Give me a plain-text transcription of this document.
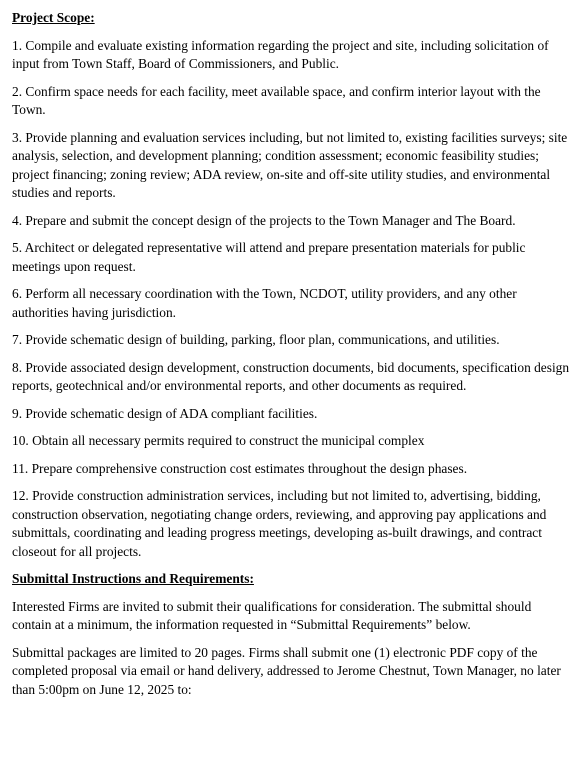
Project Scope:
1. Compile and evaluate existing information regarding the project and site, including solicitation of input from Town Staff, Board of Commissioners, and Public.
2. Confirm space needs for each facility, meet available space, and confirm interior layout with the Town.
3. Provide planning and evaluation services including, but not limited to, existing facilities surveys; site analysis, selection, and development planning; condition assessment; economic feasibility studies; project financing; zoning review; ADA review, on-site and off-site utility studies, and environmental studies and reports.
4. Prepare and submit the concept design of the projects to the Town Manager and The Board.
5. Architect or delegated representative will attend and prepare presentation materials for public meetings upon request.
6. Perform all necessary coordination with the Town, NCDOT, utility providers, and any other authorities having jurisdiction.
7. Provide schematic design of building, parking, floor plan, communications, and utilities.
8. Provide associated design development, construction documents, bid documents, specification design reports, geotechnical and/or environmental reports, and other documents as required.
9. Provide schematic design of ADA compliant facilities.
10. Obtain all necessary permits required to construct the municipal complex
11. Prepare comprehensive construction cost estimates throughout the design phases.
12. Provide construction administration services, including but not limited to, advertising, bidding, construction observation, negotiating change orders, reviewing, and approving pay applications and submittals, coordinating and leading progress meetings, developing as-built drawings, and contract closeout for all projects.
Submittal Instructions and Requirements:
Interested Firms are invited to submit their qualifications for consideration. The submittal should contain at a minimum, the information requested in “Submittal Requirements” below.
Submittal packages are limited to 20 pages. Firms shall submit one (1) electronic PDF copy of the completed proposal via email or hand delivery, addressed to Jerome Chestnut, Town Manager, no later than 5:00pm on June 12, 2025 to:
